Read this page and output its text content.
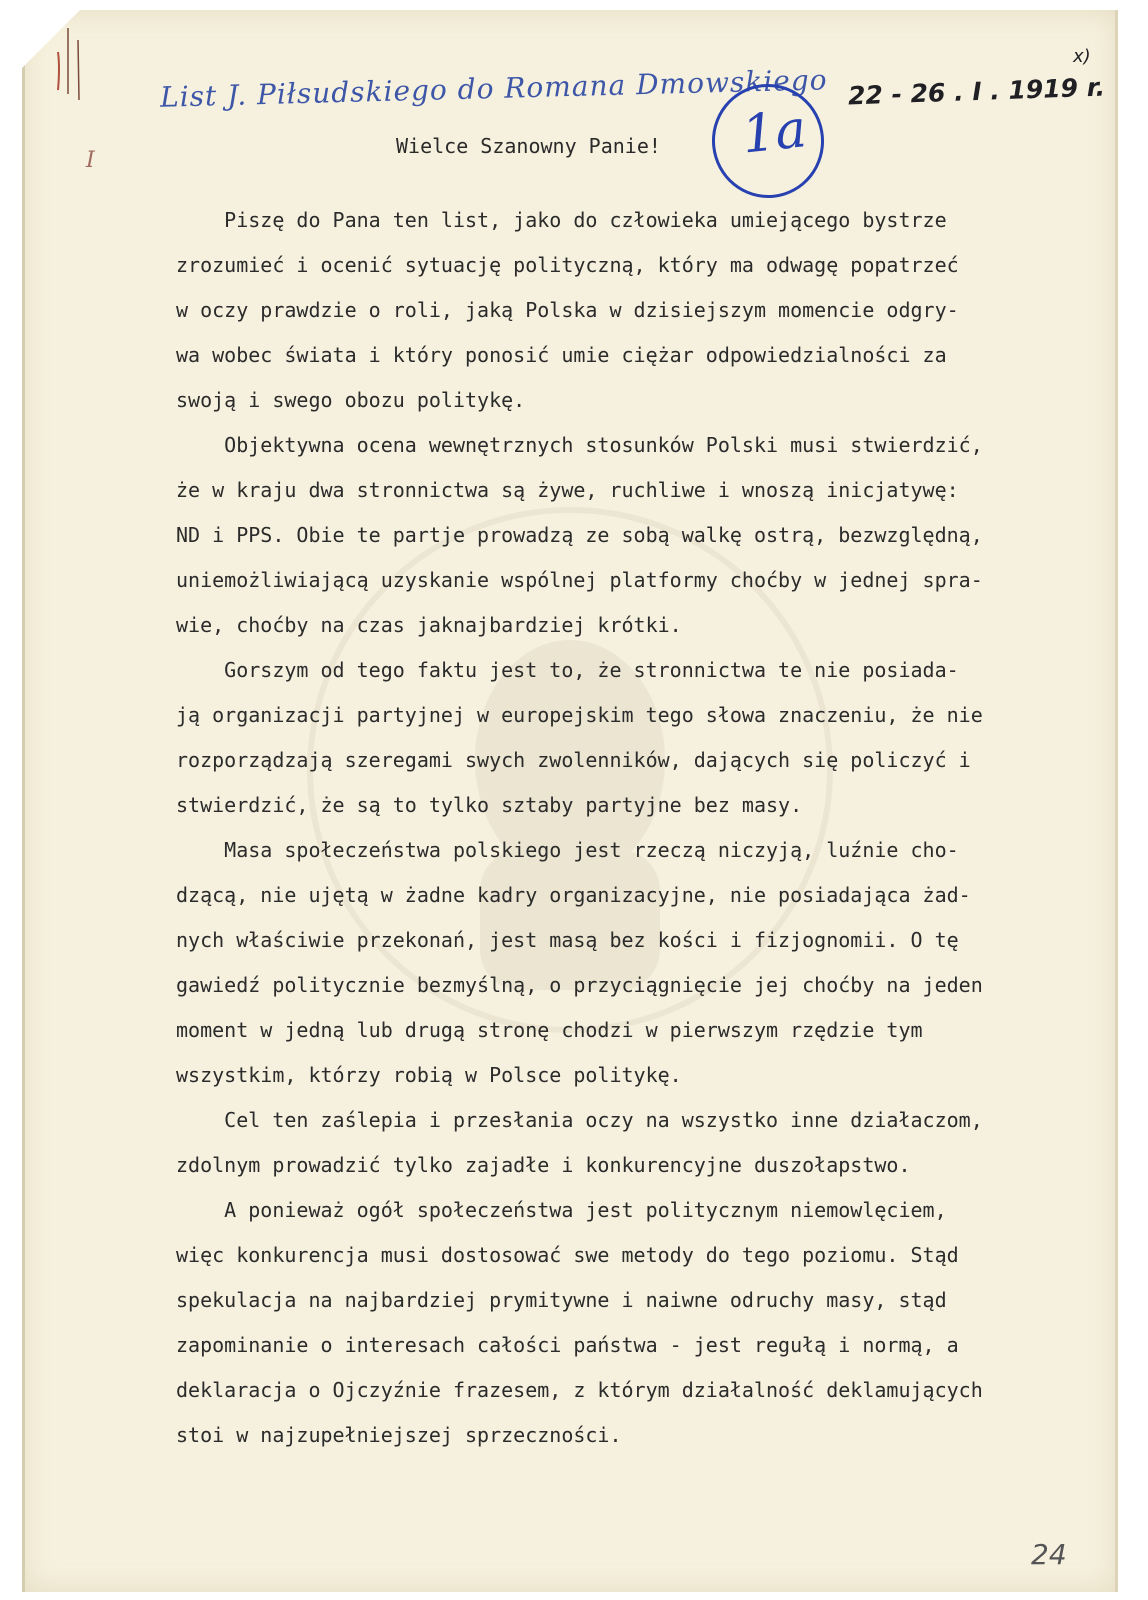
List J. Piłsudskiego do Romana Dmowskiego 22 - 26 . I . 1919 r.
x)
I
24
1a
Wielce Szanowny Panie!
Piszę do Pana ten list, jako do człowieka umiejącego bystrze
zrozumieć i ocenić sytuację polityczną, który ma odwagę popatrzeć
w oczy prawdzie o roli, jaką Polska w dzisiejszym momencie odgry-
wa wobec świata i który ponosić umie ciężar odpowiedzialności za
swoją i swego obozu politykę.
Objektywna ocena wewnętrznych stosunków Polski musi stwierdzić,
że w kraju dwa stronnictwa są żywe, ruchliwe i wnoszą inicjatywę:
ND i PPS. Obie te partje prowadzą ze sobą walkę ostrą, bezwzględną,
uniemożliwiającą uzyskanie wspólnej platformy choćby w jednej spra-
wie, choćby na czas jaknajbardziej krótki.
Gorszym od tego faktu jest to, że stronnictwa te nie posiada-
ją organizacji partyjnej w europejskim tego słowa znaczeniu, że nie
rozporządzają szeregami swych zwolenników, dających się policzyć i
stwierdzić, że są to tylko sztaby partyjne bez masy.
Masa społeczeństwa polskiego jest rzeczą niczyją, luźnie cho-
dzącą, nie ujętą w żadne kadry organizacyjne, nie posiadająca żad-
nych właściwie przekonań, jest masą bez kości i fizjognomii. O tę
gawiedź politycznie bezmyślną, o przyciągnięcie jej choćby na jeden
moment w jedną lub drugą stronę chodzi w pierwszym rzędzie tym
wszystkim, którzy robią w Polsce politykę.
Cel ten zaślepia i przesłania oczy na wszystko inne działaczom,
zdolnym prowadzić tylko zajadłe i konkurencyjne duszołapstwo.
A ponieważ ogół społeczeństwa jest politycznym niemowlęciem,
więc konkurencja musi dostosować swe metody do tego poziomu. Stąd
spekulacja na najbardziej prymitywne i naiwne odruchy masy, stąd
zapominanie o interesach całości państwa - jest regułą i normą, a
deklaracja o Ojczyźnie frazesem, z którym działalność deklamujących
stoi w najzupełniejszej sprzeczności.
